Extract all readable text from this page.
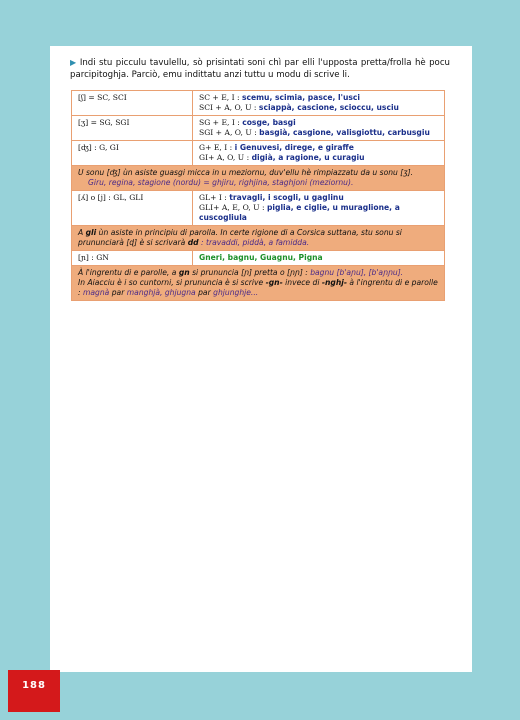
▶ Indi stu picculu tavulellu, sò prisintati soni chì par elli l'upposta pretta/frolla hè pocu parcipitoghja. Parciò, emu indittatu anzi tuttu u modu di scrive li.
[ʃ] = SC, SCI	SC + E, I : scemu, scimia, pasce, l'usci
SCI + A, O, U : sciappà, cascione, scioccu, usciu

[ʒ] = SG, SGI	SG + E, I : cosge, basgi
SGI + A, O, U : basgià, casgione, valisgiottu, carbusgiu

[ʤ] : G, GI	G+ E, I : i Genuvesi, direge, e giraffe
GI+ A, O, U : digià, a ragione, u curagiu

U sonu [ʤ] ùn asiste guasgi micca in u meziornu, duv'ellu hè rimpiazzatu da u sonu [ʒ].
Giru, regina, stagione (nordu) = ghjiru, righjina, staghjoni (meziornu).	

[ʎ] o [j] : GL, GLI	GL+ I : travagli, i scogli, u gaglinu
GLI+ A, E, O, U : piglia, e ciglie, u muraglione, a cuscogliula

A gli ùn asiste in principiu di parolla. In certe rigione di a Corsica suttana, stu sonu si prununciarà [ɖ] è si scrivarà dd : travaddi, piddà, a famidda.	
[ɲ] : GN	Gneri, bagnu, Guagnu, Pigna

À l'ingrentu di e parolle, a gn si prununcia [ɲ] pretta o [ɲɲ] : bagnu [b'aɲu], [b'aɲɲu].
In Aiacciu è i so cuntorni, si prununcia è si scrive -gn- invece di -nghj- à l'ingrentu di e parolle : magnà par manghjà, ghjugna par ghjunghje...	
188
